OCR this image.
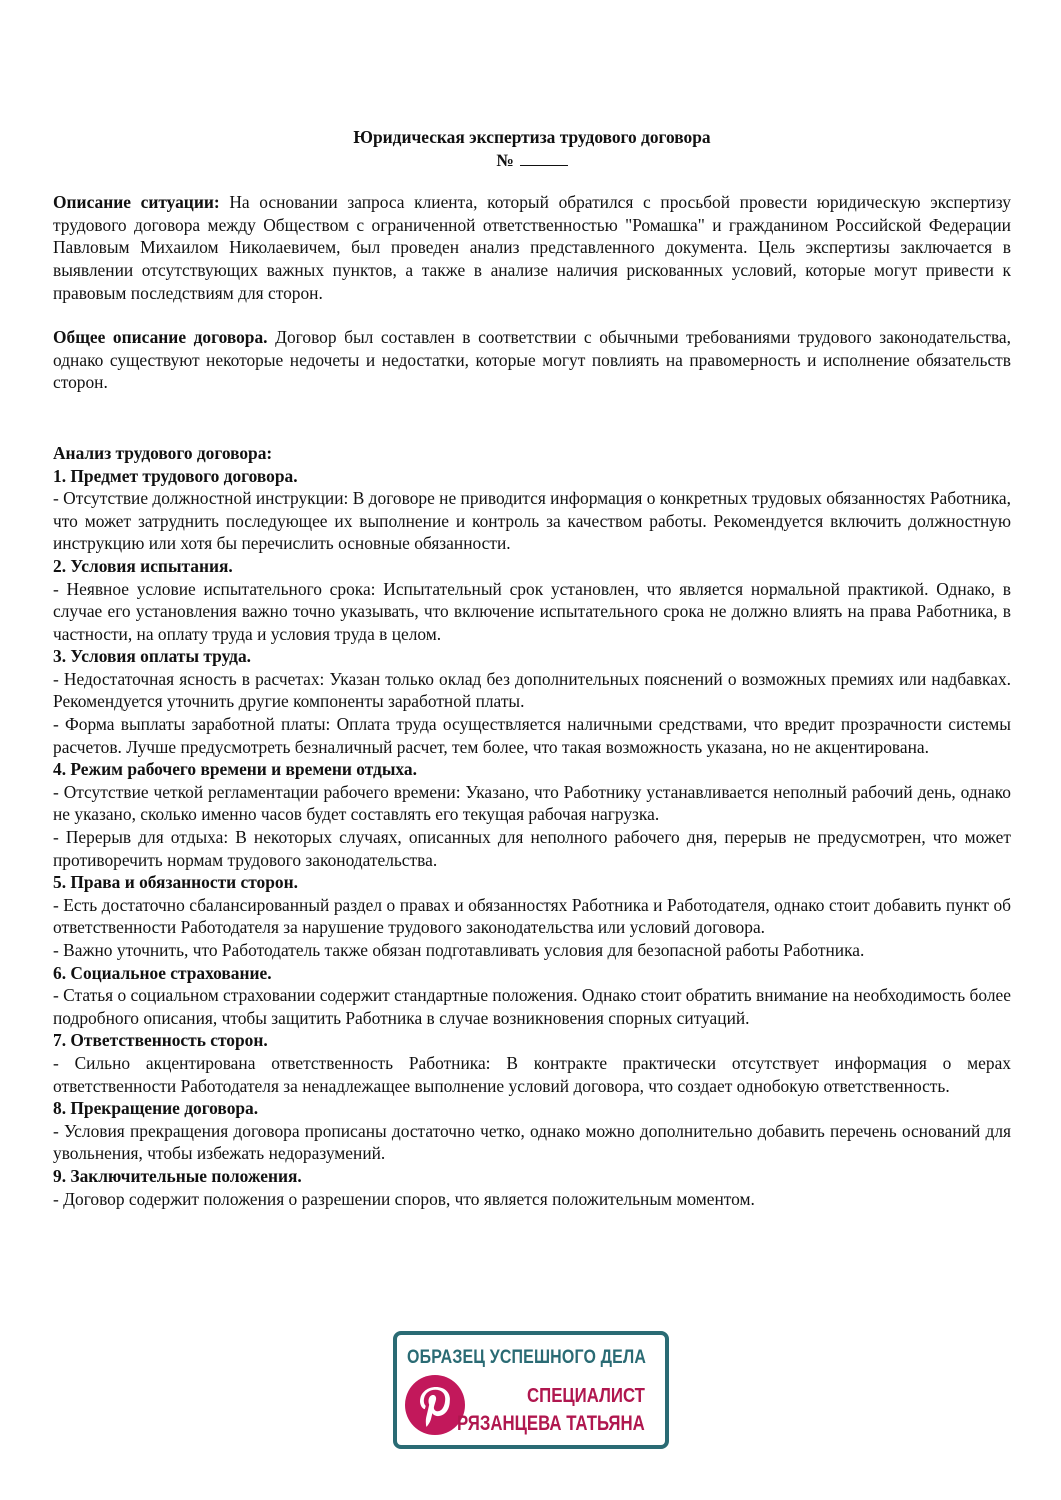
Юридическая экспертиза трудового договора

№

Описание ситуации: На основании запроса клиента, который обратился с просьбой провести юридическую экспертизу трудового договора между Обществом с ограниченной ответственностью "Ромашка" и гражданином Российской Федерации Павловым Михаилом Николаевичем, был проведен анализ представленного документа. Цель экспертизы заключается в выявлении отсутствующих важных пунктов, а также в анализе наличия рискованных условий, которые могут привести к правовым последствиям для сторон.

Общее описание договора. Договор был составлен в соответствии с обычными требованиями трудового законодательства, однако существуют некоторые недочеты и недостатки, которые могут повлиять на правомерность и исполнение обязательств сторон.

Анализ трудового договора:

1. Предмет трудового договора.

- Отсутствие должностной инструкции: В договоре не приводится информация о конкретных трудовых обязанностях Работника, что может затруднить последующее их выполнение и контроль за качеством работы. Рекомендуется включить должностную инструкцию или хотя бы перечислить основные обязанности.

2. Условия испытания.

- Неявное условие испытательного срока: Испытательный срок установлен, что является нормальной практикой. Однако, в случае его установления важно точно указывать, что включение испытательного срока не должно влиять на права Работника, в частности, на оплату труда и условия труда в целом.

3. Условия оплаты труда.

- Недостаточная ясность в расчетах: Указан только оклад без дополнительных пояснений о возможных премиях или надбавках. Рекомендуется уточнить другие компоненты заработной платы.

- Форма выплаты заработной платы: Оплата труда осуществляется наличными средствами, что вредит прозрачности системы расчетов. Лучше предусмотреть безналичный расчет, тем более, что такая возможность указана, но не акцентирована.

4. Режим рабочего времени и времени отдыха.

- Отсутствие четкой регламентации рабочего времени: Указано, что Работнику устанавливается неполный рабочий день, однако не указано, сколько именно часов будет составлять его текущая рабочая нагрузка.

- Перерыв для отдыха: В некоторых случаях, описанных для неполного рабочего дня, перерыв не предусмотрен, что может противоречить нормам трудового законодательства.

5. Права и обязанности сторон.

- Есть достаточно сбалансированный раздел о правах и обязанностях Работника и Работодателя, однако стоит добавить пункт об ответственности Работодателя за нарушение трудового законодательства или условий договора.

- Важно уточнить, что Работодатель также обязан подготавливать условия для безопасной работы Работника.

6. Социальное страхование.

- Статья о социальном страховании содержит стандартные положения. Однако стоит обратить внимание на необходимость более подробного описания, чтобы защитить Работника в случае возникновения спорных ситуаций.

7. Ответственность сторон.

- Сильно акцентирована ответственность Работника: В контракте практически отсутствует информация о мерах ответственности Работодателя за ненадлежащее выполнение условий договора, что создает однобокую ответственность.

8. Прекращение договора.

- Условия прекращения договора прописаны достаточно четко, однако можно дополнительно добавить перечень оснований для увольнения, чтобы избежать недоразумений.

9. Заключительные положения.

- Договор содержит положения о разрешении споров, что является положительным моментом.

ОБРАЗЕЦ УСПЕШНОГО ДЕЛА
СПЕЦИАЛИСТ
РЯЗАНЦЕВА ТАТЬЯНА
